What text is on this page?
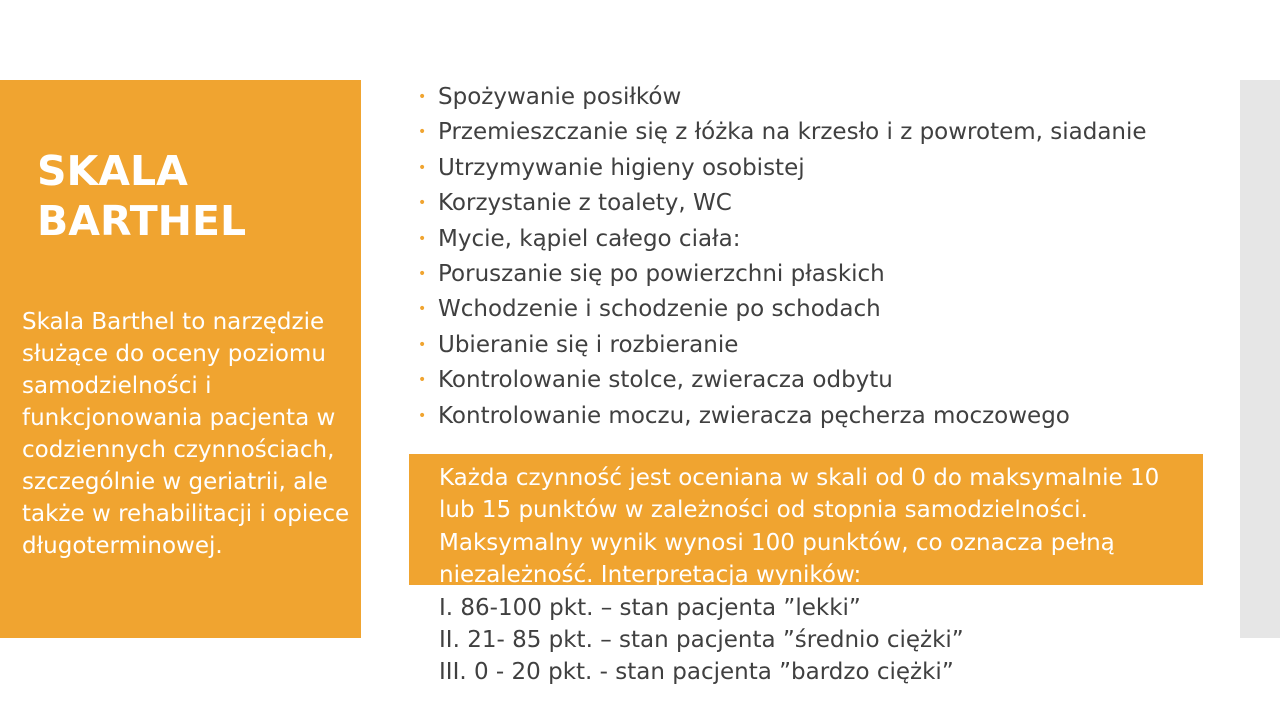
SKALA
BARTHEL

Skala Barthel to narzędzie służące do oceny poziomu samodzielności i funkcjonowania pacjenta w codziennych czynnościach, szczególnie w geriatrii, ale także w rehabilitacji i opiece długoterminowej.

• Spożywanie posiłków
• Przemieszczanie się z łóżka na krzesło i z powrotem, siadanie
• Utrzymywanie higieny osobistej
• Korzystanie z toalety, WC
• Mycie, kąpiel całego ciała:
• Poruszanie się po powierzchni płaskich
• Wchodzenie i schodzenie po schodach
• Ubieranie się i rozbieranie
• Kontrolowanie stolce, zwieracza odbytu
• Kontrolowanie moczu, zwieracza pęcherza moczowego
Każda czynność jest oceniana w skali od 0 do maksymalnie 10
lub 15 punktów w zależności od stopnia samodzielności.
Maksymalny wynik wynosi 100 punktów, co oznacza pełną
niezależność. Interpretacja wyników:
I. 86-100 pkt. – stan pacjenta ”lekki”
II. 21- 85 pkt. – stan pacjenta ”średnio ciężki”
III. 0 - 20 pkt. - stan pacjenta ”bardzo ciężki”
